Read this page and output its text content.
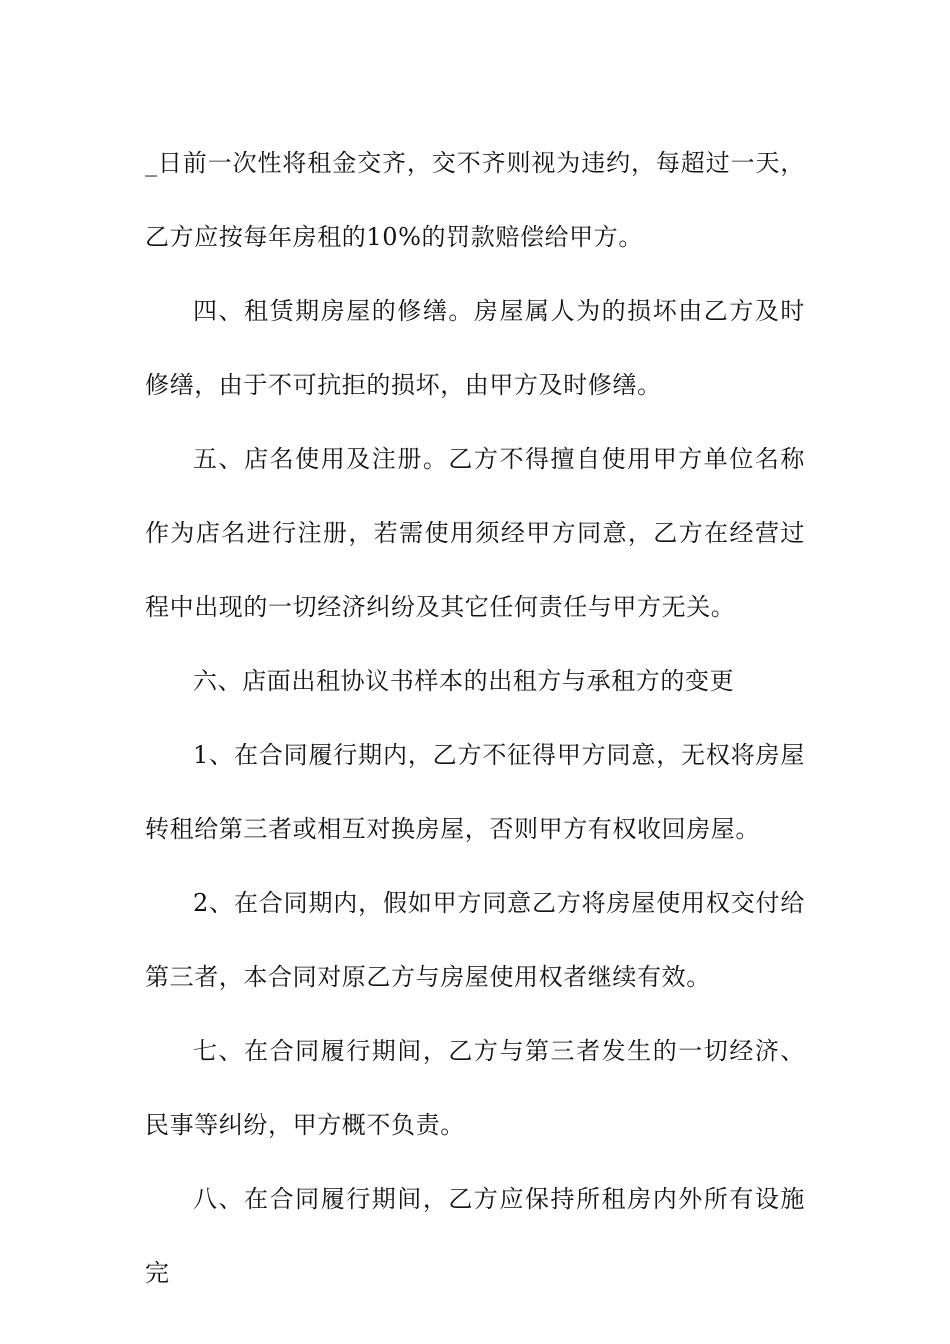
_日前一次性将租金交齐，交不齐则视为违约，每超过一天，乙方应按每年房租的10%的罚款赔偿给甲方。

四、租赁期房屋的修缮。房屋属人为的损坏由乙方及时修缮，由于不可抗拒的损坏，由甲方及时修缮。

五、店名使用及注册。乙方不得擅自使用甲方单位名称作为店名进行注册，若需使用须经甲方同意，乙方在经营过程中出现的一切经济纠纷及其它任何责任与甲方无关。

六、店面出租协议书样本的出租方与承租方的变更

1、在合同履行期内，乙方不征得甲方同意，无权将房屋转租给第三者或相互对换房屋，否则甲方有权收回房屋。

2、在合同期内，假如甲方同意乙方将房屋使用权交付给第三者，本合同对原乙方与房屋使用权者继续有效。

七、在合同履行期间，乙方与第三者发生的一切经济、民事等纠纷，甲方概不负责。

八、在合同履行期间，乙方应保持所租房内外所有设施完
